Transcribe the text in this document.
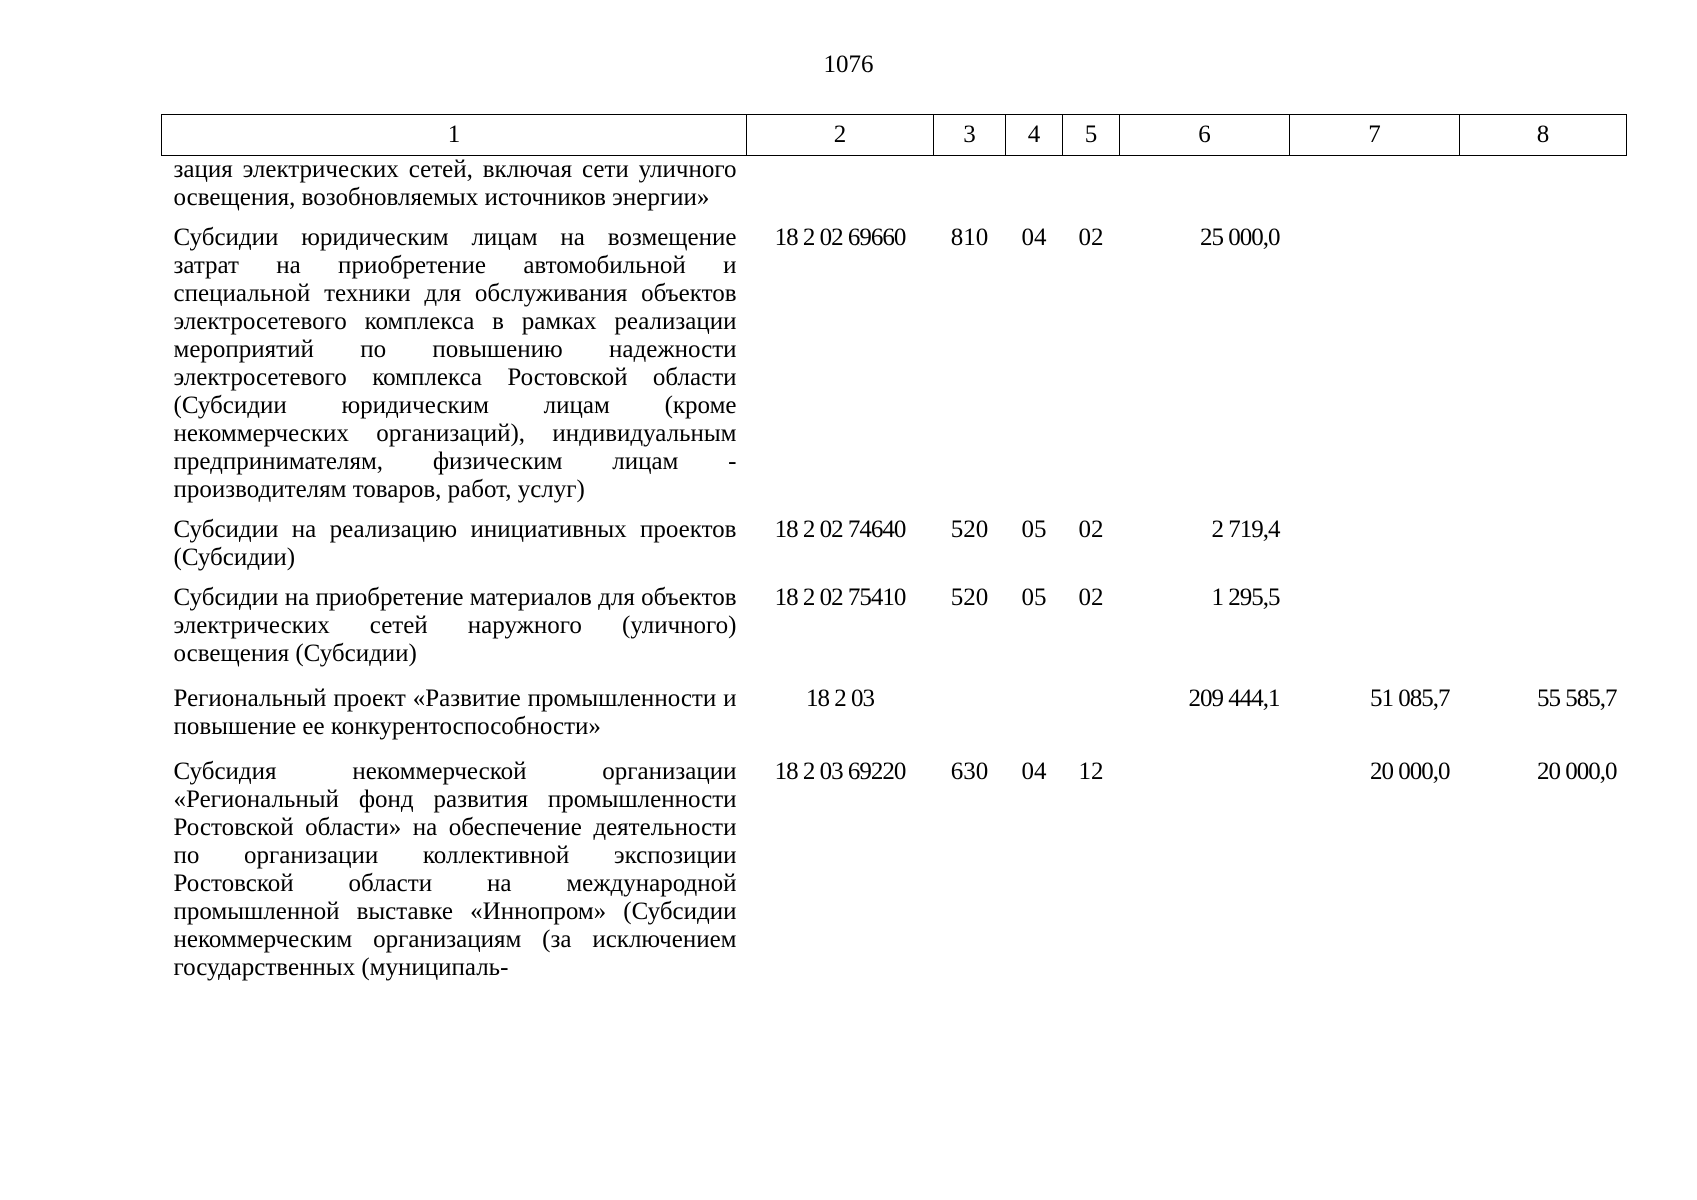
1076
1	2	3	4	5	6	7	8
зация электрических сетей, включая сети уличного освещения, возобновляемых источников энергии»							
Субсидии юридическим лицам на возмещение затрат на приобретение автомобильной и специальной техники для обслуживания объектов электросетевого комплекса в рамках реализации мероприятий по повышению надежности электросетевого комплекса Ростовской области (Субсидии юридическим лицам (кроме некоммерческих организаций), индивидуальным предпринимателям, физическим лицам - производителям товаров, работ, услуг)	18 2 02 69660	810	04	02	25 000,0		
Субсидии на реализацию инициативных проектов (Субсидии)	18 2 02 74640	520	05	02	2 719,4		
Субсидии на приобретение материалов для объектов электрических сетей наружного (уличного) освещения (Субсидии)	18 2 02 75410	520	05	02	1 295,5		
Региональный проект «Развитие промышленности и повышение ее конкурентоспособности»	18 2 03				209 444,1	51 085,7	55 585,7
Субсидия некоммерческой организации «Региональный фонд развития промышленности Ростовской области» на обеспечение деятельности по организации коллективной экспозиции Ростовской области на международной промышленной выставке «Иннопром» (Субсидии некоммерческим организациям (за исключением государственных (муниципаль-	18 2 03 69220	630	04	12		20 000,0	20 000,0
